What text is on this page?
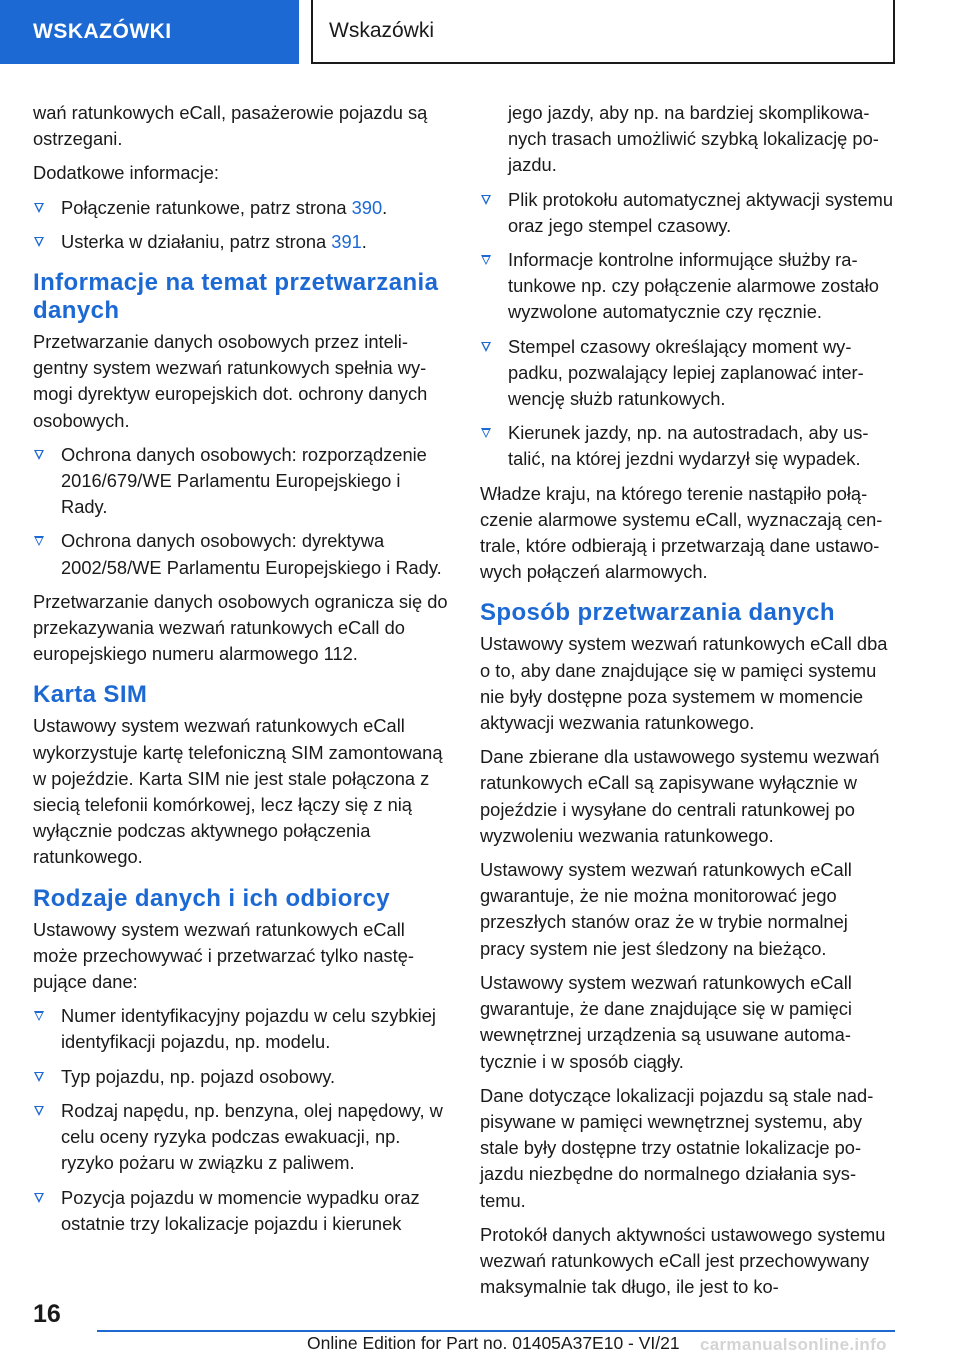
WSKAZÓWKI	Wskazówki

wań ratunkowych eCall, pasażerowie pojazdu są ostrzegani.

Dodatkowe informacje:

Połączenie ratunkowe, patrz strona 390.
Usterka w działaniu, patrz strona 391.
Informacje na temat przetwarzania danych

Przetwarzanie danych osobowych przez inteligentny system wezwań ratunkowych spełnia wymogi dyrektyw europejskich dot. ochrony danych osobowych.

Ochrona danych osobowych: rozporządzenie 2016/679/WE Parlamentu Europejskiego i Rady.
Ochrona danych osobowych: dyrektywa 2002/58/WE Parlamentu Europejskiego i Rady.

Przetwarzanie danych osobowych ogranicza się do przekazywania wezwań ratunkowych eCall do europejskiego numeru alarmowego 112.

Karta SIM

Ustawowy system wezwań ratunkowych eCall wykorzystuje kartę telefoniczną SIM zamontowaną w pojeździe. Karta SIM nie jest stale połączona z siecią telefonii komórkowej, lecz łączy się z nią wyłącznie podczas aktywnego połączenia ratunkowego.

Rodzaje danych i ich odbiorcy

Ustawowy system wezwań ratunkowych eCall może przechowywać i przetwarzać tylko następujące dane:

Numer identyfikacyjny pojazdu w celu szybkiej identyfikacji pojazdu, np. modelu.
Typ pojazdu, np. pojazd osobowy.
Rodzaj napędu, np. benzyna, olej napędowy, w celu oceny ryzyka podczas ewakuacji, np. ryzyko pożaru w związku z paliwem.
Pozycja pojazdu w momencie wypadku oraz ostatnie trzy lokalizacje pojazdu i kierunek

jego jazdy, aby np. na bardziej skomplikowanych trasach umożliwić szybką lokalizację pojazdu.

Plik protokołu automatycznej aktywacji systemu oraz jego stempel czasowy.
Informacje kontrolne informujące służby ratunkowe np. czy połączenie alarmowe zostało wyzwolone automatycznie czy ręcznie.
Stempel czasowy określający moment wypadku, pozwalający lepiej zaplanować interwencję służb ratunkowych.
Kierunek jazdy, np. na autostradach, aby ustalić, na której jezdni wydarzył się wypadek.

Władze kraju, na którego terenie nastąpiło połączenie alarmowe systemu eCall, wyznaczają centrale, które odbierają i przetwarzają dane ustawowych połączeń alarmowych.

Sposób przetwarzania danych

Ustawowy system wezwań ratunkowych eCall dba o to, aby dane znajdujące się w pamięci systemu nie były dostępne poza systemem w momencie aktywacji wezwania ratunkowego.

Dane zbierane dla ustawowego systemu wezwań ratunkowych eCall są zapisywane wyłącznie w pojeździe i wysyłane do centrali ratunkowej po wyzwoleniu wezwania ratunkowego.

Ustawowy system wezwań ratunkowych eCall gwarantuje, że nie można monitorować jego przeszłych stanów oraz że w trybie normalnej pracy system nie jest śledzony na bieżąco.

Ustawowy system wezwań ratunkowych eCall gwarantuje, że dane znajdujące się w pamięci wewnętrznej urządzenia są usuwane automatycznie i w sposób ciągły.

Dane dotyczące lokalizacji pojazdu są stale nadpisywane w pamięci wewnętrznej systemu, aby stale były dostępne trzy ostatnie lokalizacje pojazdu niezbędne do normalnego działania systemu.

Protokół danych aktywności ustawowego systemu wezwań ratunkowych eCall jest przechowywany maksymalnie tak długo, ile jest to ko-

16
Online Edition for Part no. 01405A37E10 - VI/21 carmanualsonline.info
